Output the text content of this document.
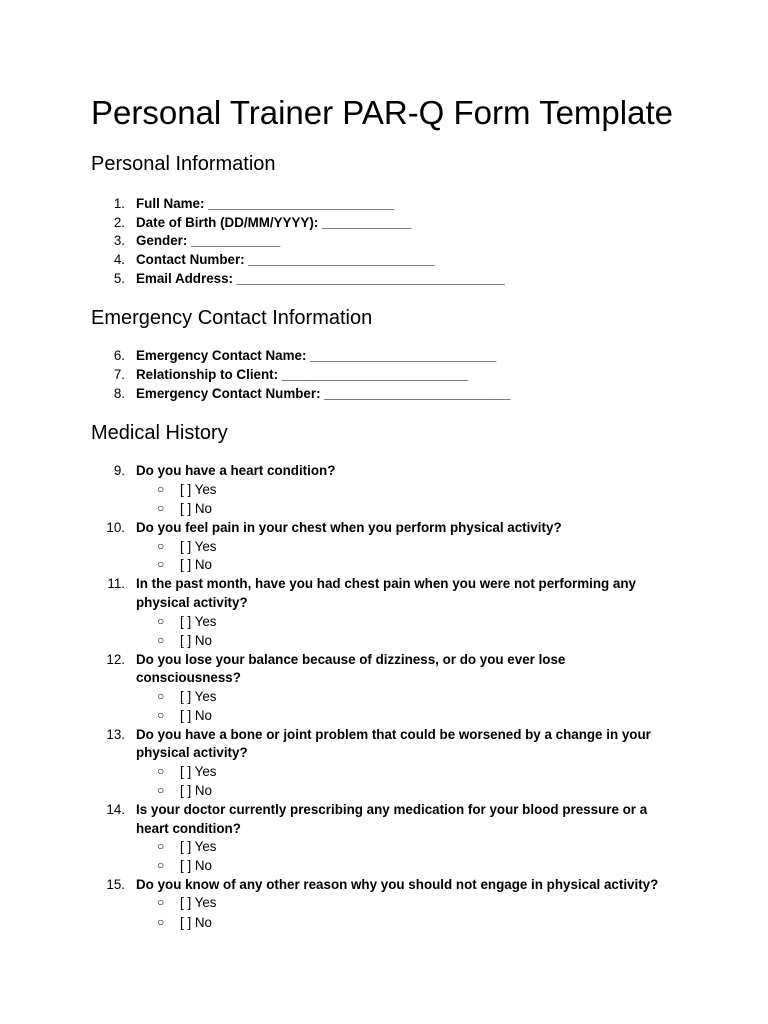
Personal Trainer PAR-Q Form Template
Personal Information
1. Full Name: _________________________
2. Date of Birth (DD/MM/YYYY): ____________
3. Gender: ____________
4. Contact Number: _________________________
5. Email Address: ____________________________________
Emergency Contact Information
6. Emergency Contact Name: _________________________
7. Relationship to Client: _________________________
8. Emergency Contact Number: _________________________
Medical History
9. Do you have a heart condition?
○ [ ] Yes
○ [ ] No
10. Do you feel pain in your chest when you perform physical activity?
○ [ ] Yes
○ [ ] No
11. In the past month, have you had chest pain when you were not performing any
physical activity?
○ [ ] Yes
○ [ ] No
12. Do you lose your balance because of dizziness, or do you ever lose
consciousness?
○ [ ] Yes
○ [ ] No
13. Do you have a bone or joint problem that could be worsened by a change in your
physical activity?
○ [ ] Yes
○ [ ] No
14. Is your doctor currently prescribing any medication for your blood pressure or a
heart condition?
○ [ ] Yes
○ [ ] No
15. Do you know of any other reason why you should not engage in physical activity?
○ [ ] Yes
○ [ ] No
